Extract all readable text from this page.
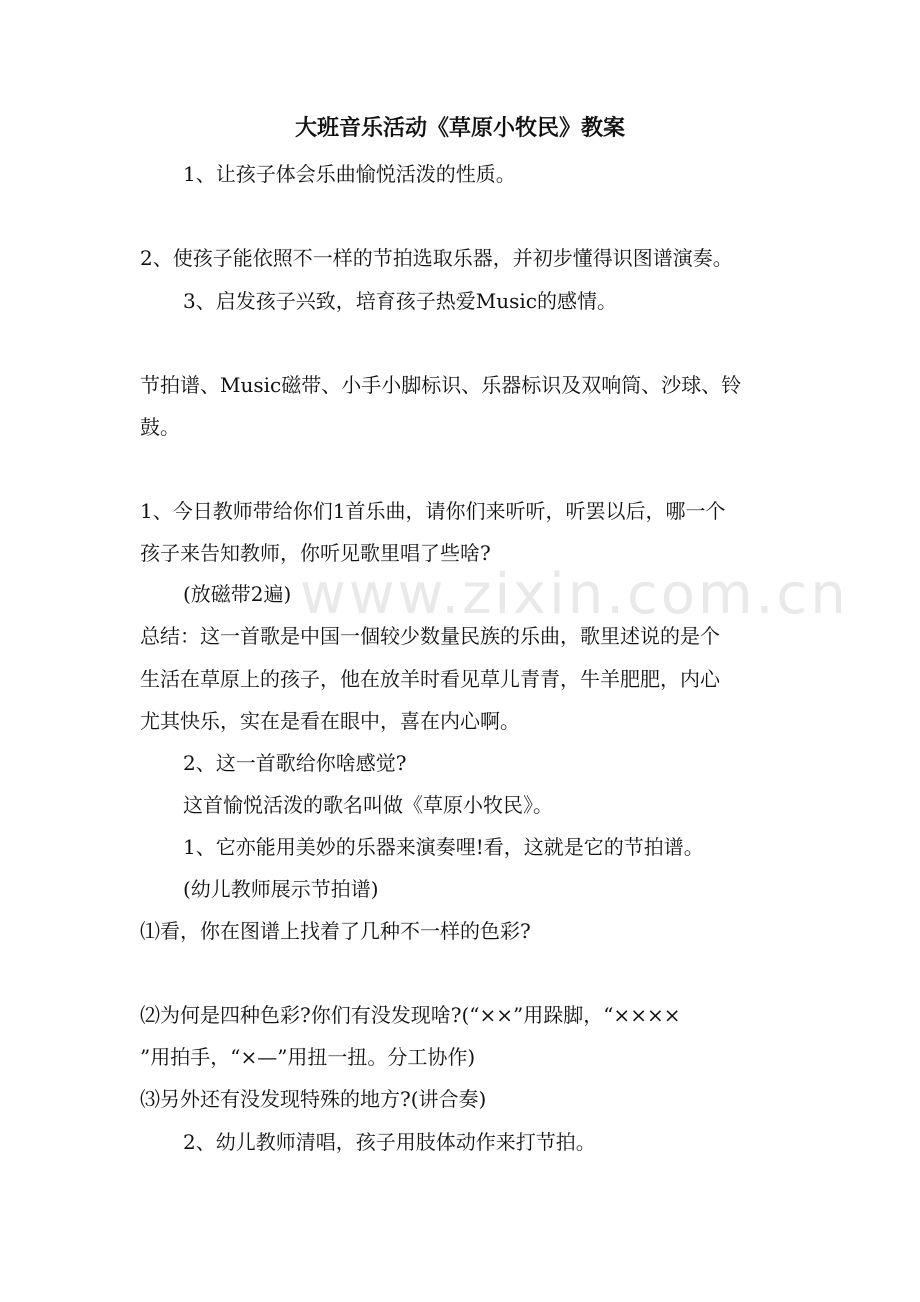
www.zixin.com.cn
大班音乐活动《草原小牧民》教案
1、让孩子体会乐曲愉悦活泼的性质。
2、使孩子能依照不一样的节拍选取乐器，并初步懂得识图谱演奏。
3、启发孩子兴致，培育孩子热爱Music的感情。
节拍谱、Music磁带、小手小脚标识、乐器标识及双响筒、沙球、铃
鼓。
1、今日教师带给你们1首乐曲，请你们来听听，听罢以后，哪一个
孩子来告知教师，你听见歌里唱了些啥?
(放磁带2遍)
总结：这一首歌是中国一個较少数量民族的乐曲，歌里述说的是个
生活在草原上的孩子，他在放羊时看见草儿青青，牛羊肥肥，内心
尤其快乐，实在是看在眼中，喜在内心啊。
2、这一首歌给你啥感觉?
这首愉悦活泼的歌名叫做《草原小牧民》。
1、它亦能用美妙的乐器来演奏哩!看，这就是它的节拍谱。
(幼儿教师展示节拍谱)
⑴看，你在图谱上找着了几种不一样的色彩?
⑵为何是四种色彩?你们有没发现啥?(“××”用跺脚，“××××
”用拍手，“×—”用扭一扭。分工协作)
⑶另外还有没发现特殊的地方?(讲合奏)
2、幼儿教师清唱，孩子用肢体动作来打节拍。
